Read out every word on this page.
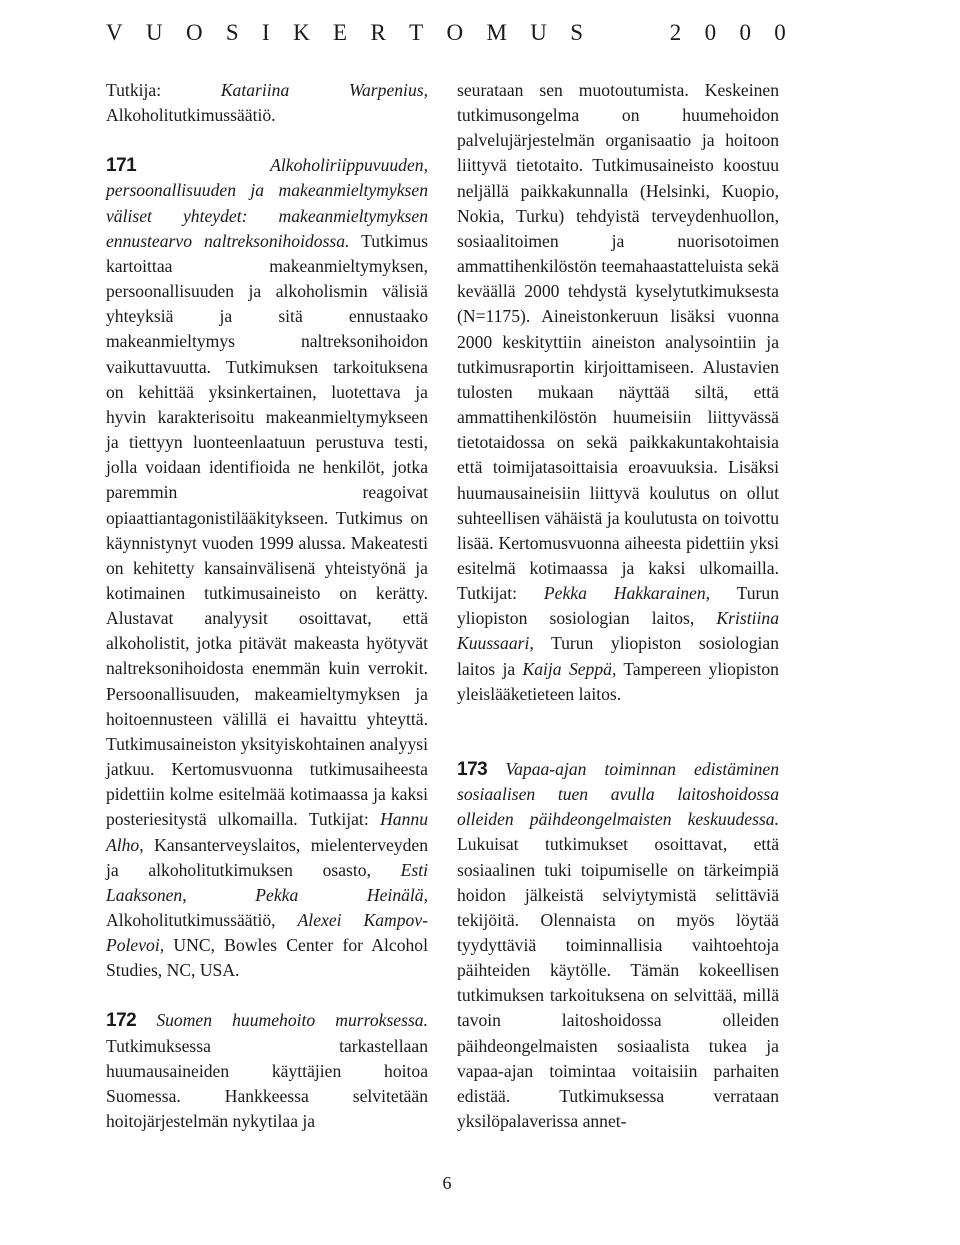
V U O S I K E R T O M U S	2 0 0 0

Tutkija: Katariina Warpenius, Alkoholitutkimussäätiö.

171	Alkoholiriippuvuuden, persoonallisuuden ja makeanmieltymyksen väliset yhteydet: makeanmieltymyksen ennustearvo naltreksonihoidossa. Tutkimus kartoittaa makeanmieltymyksen, persoonallisuuden ja alkoholismin välisiä yhteyksiä ja sitä ennustaako makeanmieltymys naltreksonihoidon vaikuttavuutta. Tutkimuksen tarkoituksena on kehittää yksinkertainen, luotettava ja hyvin karakterisoitu makeanmieltymykseen ja tiettyyn luonteenlaatuun perustuva testi, jolla voidaan identifioida ne henkilöt, jotka paremmin reagoivat opiaattiantagonistilääkitykseen. Tutkimus on käynnistynyt vuoden 1999 alussa. Makeatesti on kehitetty kansainvälisenä yhteistyönä ja kotimainen tutkimusaineisto on kerätty. Alustavat analyysit osoittavat, että alkoholistit, jotka pitävät makeasta hyötyvät naltreksonihoidosta enemmän kuin verrokit. Persoonallisuuden, makeamieltymyksen ja hoitoennusteen välillä ei havaittu yhteyttä. Tutkimusaineiston yksityiskohtainen analyysi jatkuu. Kertomusvuonna tutkimusaiheesta pidettiin kolme esitelmää kotimaassa ja kaksi posteriesitystä ulkomailla. Tutkijat: Hannu Alho, Kansanterveyslaitos, mielenterveyden ja alkoholitutkimuksen osasto, Esti Laaksonen, Pekka Heinälä, Alkoholitutkimussäätiö, Alexei Kampov-Polevoi, UNC, Bowles Center for Alcohol Studies, NC, USA.

172 Suomen huumehoito murroksessa. Tutkimuksessa tarkastellaan huumausaineiden käyttäjien hoitoa Suomessa. Hankkeessa selvitetään hoitojärjestelmän nykytilaa ja

seurataan sen muotoutumista. Keskeinen tutkimusongelma on huumehoidon palvelujärjestelmän organisaatio ja hoitoon liittyvä tietotaito. Tutkimusaineisto koostuu neljällä paikkakunnalla (Helsinki, Kuopio, Nokia, Turku) tehdyistä terveydenhuollon, sosiaalitoimen ja nuorisotoimen ammattihenkilöstön teemahaastatteluista sekä keväällä 2000 tehdystä kyselytutkimuksesta (N=1175). Aineistonkeruun lisäksi vuonna 2000 keskityttiin aineiston analysointiin ja tutkimusraportin kirjoittamiseen. Alustavien tulosten mukaan näyttää siltä, että ammattihenkilöstön huumeisiin liittyvässä tietotaidossa on sekä paikkakuntakohtaisia että toimijatasoittaisia eroavuuksia. Lisäksi huumausaineisiin liittyvä koulutus on ollut suhteellisen vähäistä ja koulutusta on toivottu lisää. Kertomusvuonna aiheesta pidettiin yksi esitelmä kotimaassa ja kaksi ulkomailla. Tutkijat: Pekka Hakkarainen, Turun yliopiston sosiologian laitos, Kristiina Kuussaari, Turun yliopiston sosiologian laitos ja Kaija Seppä, Tampereen yliopiston yleislääketieteen laitos.

173 Vapaa-ajan toiminnan edistäminen sosiaalisen tuen avulla laitoshoidossa olleiden päihdeongelmaisten keskuudessa. Lukuisat tutkimukset osoittavat, että sosiaalinen tuki toipumiselle on tärkeimpiä hoidon jälkeistä selviytymistä selittäviä tekijöitä. Olennaista on myös löytää tyydyttäviä toiminnallisia vaihtoehtoja päihteiden käytölle. Tämän kokeellisen tutkimuksen tarkoituksena on selvittää, millä tavoin laitoshoidossa olleiden päihdeongelmaisten sosiaalista tukea ja vapaa-ajan toimintaa voitaisiin parhaiten edistää. Tutkimuksessa verrataan yksilöpalaverissa annet-

6
